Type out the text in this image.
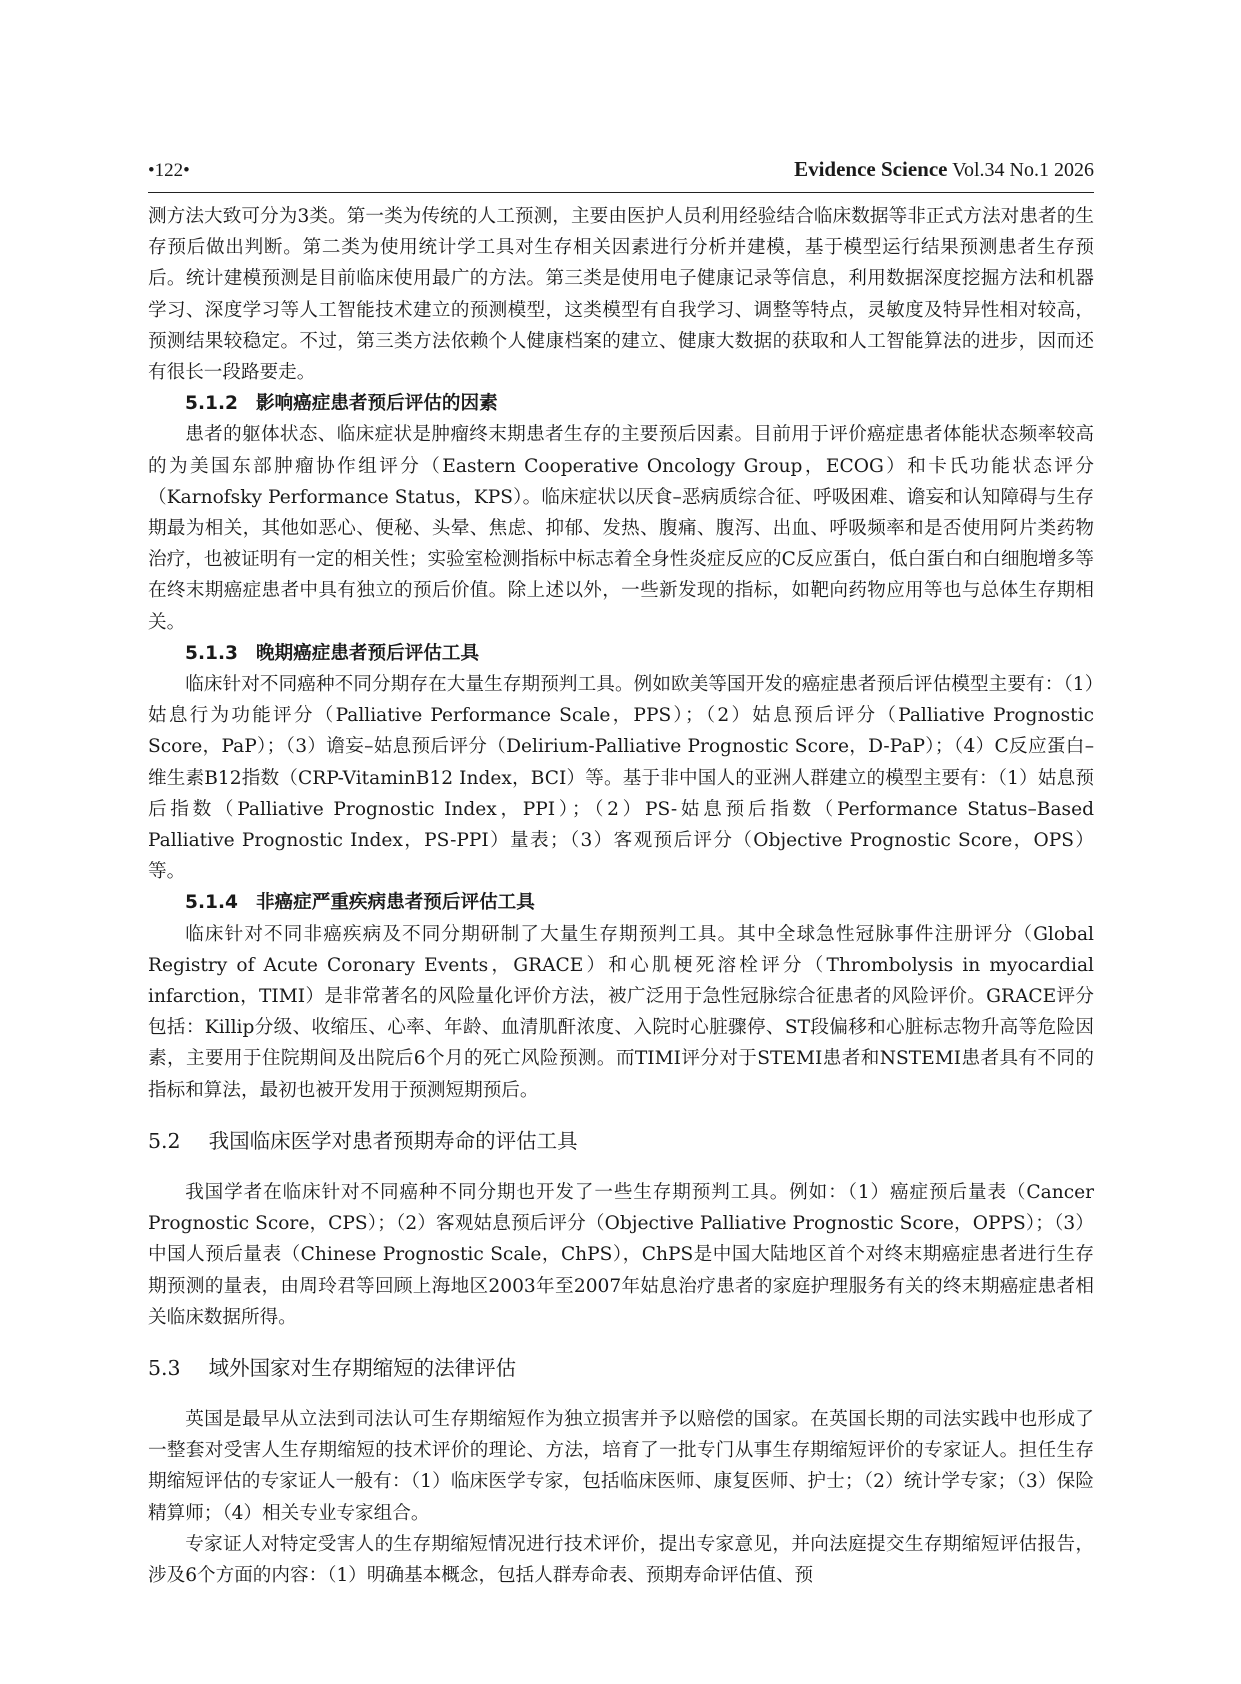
•122•	Evidence Science Vol.34 No.1 2026

测方法大致可分为3类。第一类为传统的人工预测，主要由医护人员利用经验结合临床数据等非正式方法对患者的生存预后做出判断。第二类为使用统计学工具对生存相关因素进行分析并建模，基于模型运行结果预测患者生存预后。统计建模预测是目前临床使用最广的方法。第三类是使用电子健康记录等信息，利用数据深度挖掘方法和机器学习、深度学习等人工智能技术建立的预测模型，这类模型有自我学习、调整等特点，灵敏度及特异性相对较高，预测结果较稳定。不过，第三类方法依赖个人健康档案的建立、健康大数据的获取和人工智能算法的进步，因而还有很长一段路要走。

5.1.2 影响癌症患者预后评估的因素

患者的躯体状态、临床症状是肿瘤终末期患者生存的主要预后因素。目前用于评价癌症患者体能状态频率较高的为美国东部肿瘤协作组评分（Eastern Cooperative Oncology Group，ECOG）和卡氏功能状态评分（Karnofsky Performance Status，KPS）。临床症状以厌食–恶病质综合征、呼吸困难、谵妄和认知障碍与生存期最为相关，其他如恶心、便秘、头晕、焦虑、抑郁、发热、腹痛、腹泻、出血、呼吸频率和是否使用阿片类药物治疗，也被证明有一定的相关性；实验室检测指标中标志着全身性炎症反应的C反应蛋白，低白蛋白和白细胞增多等在终末期癌症患者中具有独立的预后价值。除上述以外，一些新发现的指标，如靶向药物应用等也与总体生存期相关。

5.1.3 晚期癌症患者预后评估工具

临床针对不同癌种不同分期存在大量生存期预判工具。例如欧美等国开发的癌症患者预后评估模型主要有：（1）姑息行为功能评分（Palliative Performance Scale，PPS）；（2）姑息预后评分（Palliative Prognostic Score，PaP）；（3）谵妄–姑息预后评分（Delirium-Palliative Prognostic Score，D-PaP）；（4）C反应蛋白–维生素B12指数（CRP-VitaminB12 Index，BCI）等。基于非中国人的亚洲人群建立的模型主要有：（1）姑息预后指数（Palliative Prognostic Index，PPI）；（2）PS-姑息预后指数（Performance Status–Based Palliative Prognostic Index，PS-PPI）量表；（3）客观预后评分（Objective Prognostic Score，OPS）等。

5.1.4 非癌症严重疾病患者预后评估工具

临床针对不同非癌疾病及不同分期研制了大量生存期预判工具。其中全球急性冠脉事件注册评分（Global Registry of Acute Coronary Events，GRACE）和心肌梗死溶栓评分（Thrombolysis in myocardial infarction，TIMI）是非常著名的风险量化评价方法，被广泛用于急性冠脉综合征患者的风险评价。GRACE评分包括：Killip分级、收缩压、心率、年龄、血清肌酐浓度、入院时心脏骤停、ST段偏移和心脏标志物升高等危险因素，主要用于住院期间及出院后6个月的死亡风险预测。而TIMI评分对于STEMI患者和NSTEMI患者具有不同的指标和算法，最初也被开发用于预测短期预后。

5.2 我国临床医学对患者预期寿命的评估工具

我国学者在临床针对不同癌种不同分期也开发了一些生存期预判工具。例如：（1）癌症预后量表（Cancer Prognostic Score，CPS）；（2）客观姑息预后评分（Objective Palliative Prognostic Score，OPPS）；（3）中国人预后量表（Chinese Prognostic Scale，ChPS），ChPS是中国大陆地区首个对终末期癌症患者进行生存期预测的量表，由周玲君等回顾上海地区2003年至2007年姑息治疗患者的家庭护理服务有关的终末期癌症患者相关临床数据所得。

5.3 域外国家对生存期缩短的法律评估

英国是最早从立法到司法认可生存期缩短作为独立损害并予以赔偿的国家。在英国长期的司法实践中也形成了一整套对受害人生存期缩短的技术评价的理论、方法，培育了一批专门从事生存期缩短评价的专家证人。担任生存期缩短评估的专家证人一般有：（1）临床医学专家，包括临床医师、康复医师、护士；（2）统计学专家；（3）保险精算师；（4）相关专业专家组合。

专家证人对特定受害人的生存期缩短情况进行技术评价，提出专家意见，并向法庭提交生存期缩短评估报告，涉及6个方面的内容：（1）明确基本概念，包括人群寿命表、预期寿命评估值、预
